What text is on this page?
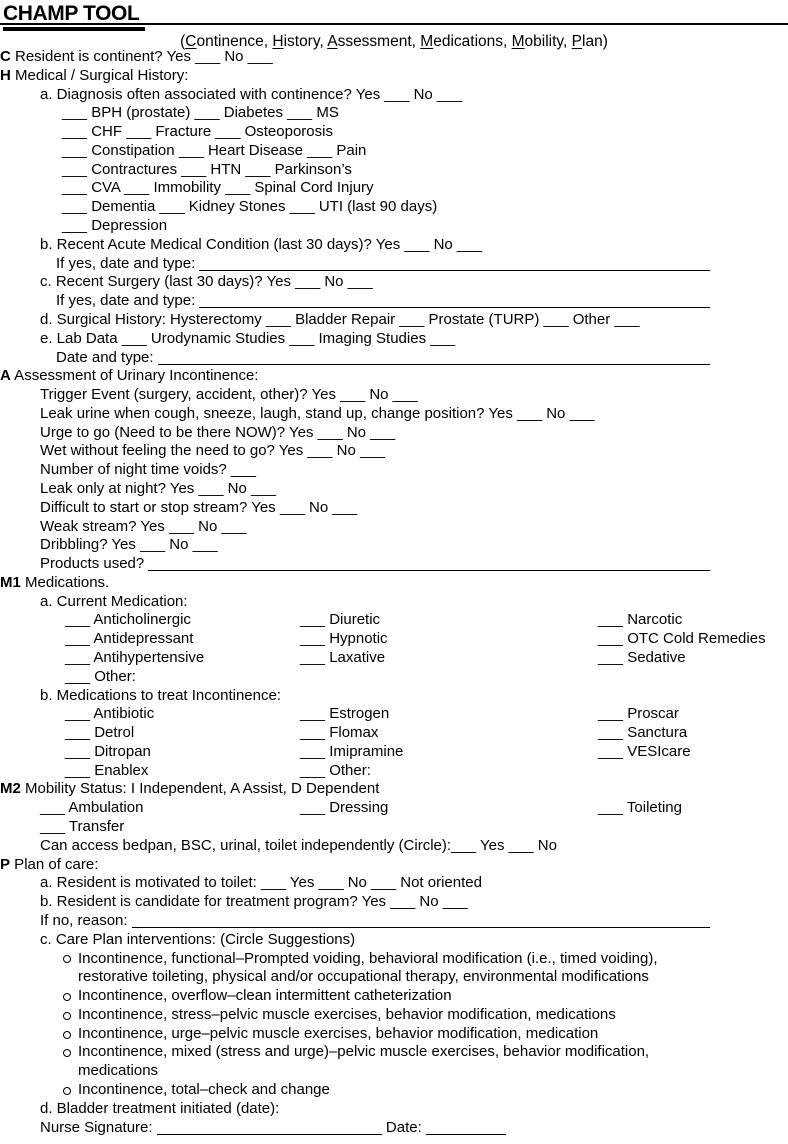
CHAMP TOOL
(Continence, History, Assessment, Medications, Mobility, Plan)
C Resident is continent? Yes ___ No ___
H Medical / Surgical History:
a. Diagnosis often associated with continence? Yes ___ No ___
___ BPH (prostate) ___ Diabetes ___ MS
___ CHF ___ Fracture ___ Osteoporosis
___ Constipation ___ Heart Disease ___ Pain
___ Contractures ___ HTN ___ Parkinson’s
___ CVA ___ Immobility ___ Spinal Cord Injury
___ Dementia ___ Kidney Stones ___ UTI (last 90 days)
___ Depression
b. Recent Acute Medical Condition (last 30 days)? Yes ___ No ___
If yes, date and type:
c. Recent Surgery (last 30 days)? Yes ___ No ___
If yes, date and type:
d. Surgical History: Hysterectomy ___ Bladder Repair ___ Prostate (TURP) ___ Other ___
e. Lab Data ___ Urodynamic Studies ___ Imaging Studies ___
Date and type:
A Assessment of Urinary Incontinence:
Trigger Event (surgery, accident, other)? Yes ___ No ___
Leak urine when cough, sneeze, laugh, stand up, change position? Yes ___ No ___
Urge to go (Need to be there NOW)? Yes ___ No ___
Wet without feeling the need to go? Yes ___ No ___
Number of night time voids? ___
Leak only at night? Yes ___ No ___
Difficult to start or stop stream? Yes ___ No ___
Weak stream? Yes ___ No ___
Dribbling? Yes ___ No ___
Products used?
M1 Medications.
a. Current Medication:
___ Anticholinergic	___ Diuretic	___ Narcotic
___ Antidepressant	___ Hypnotic	___ OTC Cold Remedies
___ Antihypertensive	___ Laxative	___ Sedative
___ Other:
b. Medications to treat Incontinence:
___ Antibiotic	___ Estrogen	___ Proscar
___ Detrol	___ Flomax	___ Sanctura
___ Ditropan	___ Imipramine	___ VESIcare
___ Enablex	___ Other:
M2 Mobility Status: I Independent, A Assist, D Dependent
___ Ambulation	___ Dressing	___ Toileting
___ Transfer
Can access bedpan, BSC, urinal, toilet independently (Circle):___ Yes ___ No
P Plan of care:
a. Resident is motivated to toilet: ___ Yes ___ No ___ Not oriented
b. Resident is candidate for treatment program? Yes ___ No ___
If no, reason:
c. Care Plan interventions: (Circle Suggestions)
Incontinence, functional–Prompted voiding, behavioral modification (i.e., timed voiding),
restorative toileting, physical and/or occupational therapy, environmental modifications
Incontinence, overflow–clean intermittent catheterization
Incontinence, stress–pelvic muscle exercises, behavior modification, medications
Incontinence, urge–pelvic muscle exercises, behavior modification, medication
Incontinence, mixed (stress and urge)–pelvic muscle exercises, behavior modification,
medications
Incontinence, total–check and change
d. Bladder treatment initiated (date):
Nurse Signature:	Date:
